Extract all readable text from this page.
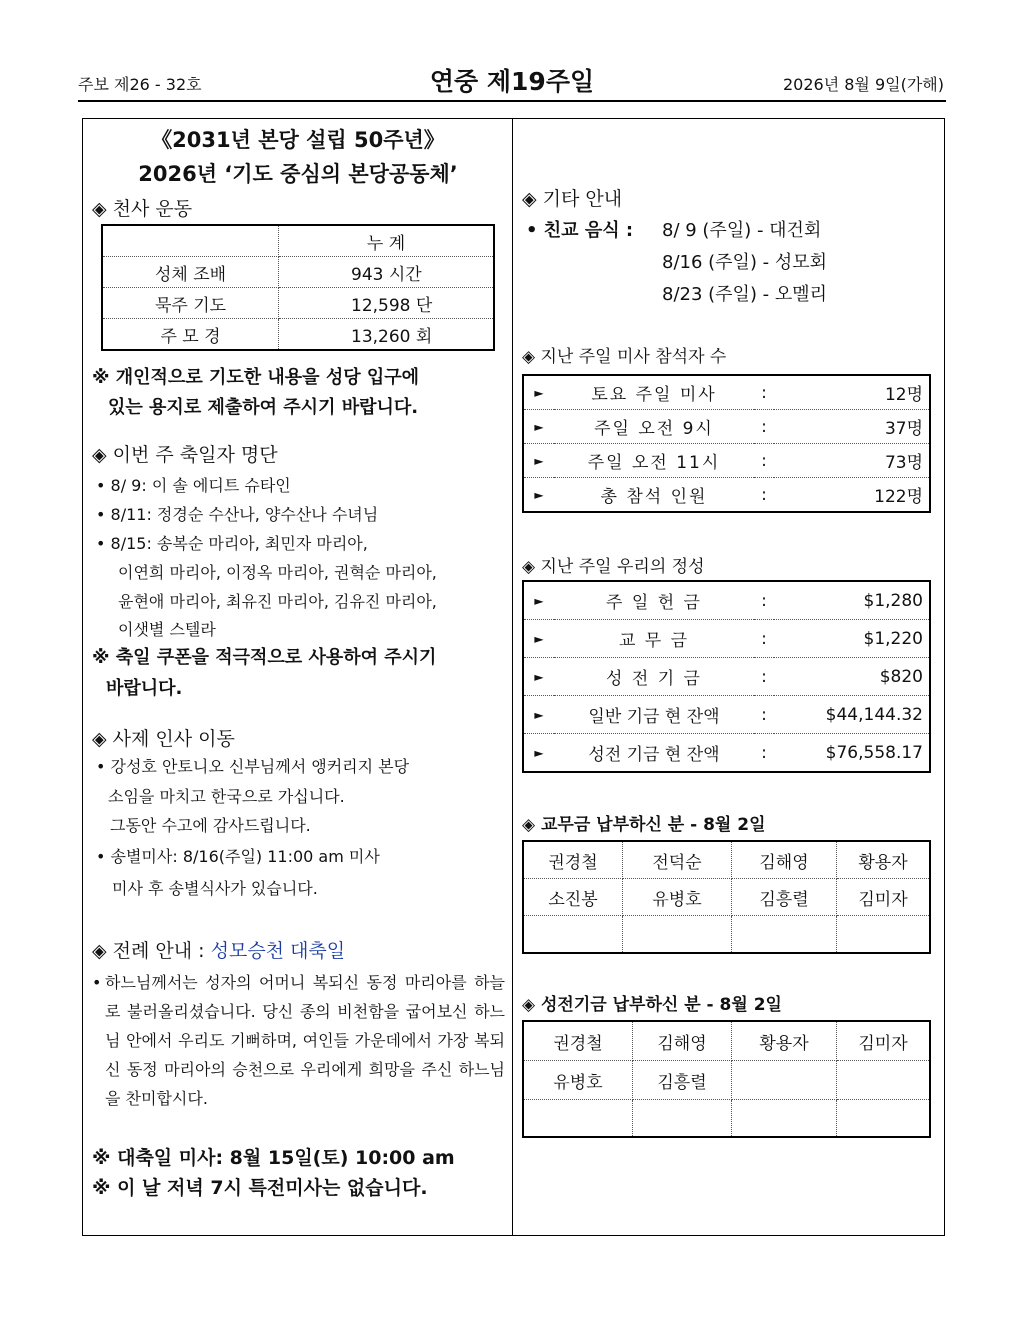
주보 제26 - 32호	연중 제19주일	2026년 8월 9일(가해)
《2031년 본당 설립 50주년》
2026년 ‘기도 중심의 본당공동체’
◈ 천사 운동
	누 계
성체 조배	943 시간
묵주 기도	12,598 단
주 모 경	13,260 회
※ 개인적으로 기도한 내용을 성당 입구에
있는 용지로 제출하여 주시기 바랍니다.
◈ 이번 주 축일자 명단
• 8/ 9: 이 솔 에디트 슈타인
• 8/11: 정경순 수산나, 양수산나 수녀님
• 8/15: 송복순 마리아, 최민자 마리아,
이연희 마리아, 이정옥 마리아, 권혁순 마리아,
윤현애 마리아, 최유진 마리아, 김유진 마리아,
이샛별 스텔라
※ 축일 쿠폰을 적극적으로 사용하여 주시기
바랍니다.
◈ 사제 인사 이동
• 강성호 안토니오 신부님께서 앵커리지 본당
소임을 마치고 한국으로 가십니다.
그동안 수고에 감사드립니다.
• 송별미사: 8/16(주일) 11:00 am 미사
미사 후 송별식사가 있습니다.
◈ 전례 안내 : 성모승천 대축일
• 하느님께서는 성자의 어머니 복되신 동정 마리아를 하늘로 불러올리셨습니다. 당신 종의 비천함을 굽어보신 하느님 안에서 우리도 기뻐하며, 여인들 가운데에서 가장 복되신 동정 마리아의 승천으로 우리에게 희망을 주신 하느님을 찬미합시다.
※ 대축일 미사: 8월 15일(토) 10:00 am
※ 이 날 저녁 7시 특전미사는 없습니다.
◈ 기타 안내
• 친교 음식 : 8/ 9 (주일) - 대건회
8/16 (주일) - 성모회
8/23 (주일) - 오멜리
◈ 지난 주일 미사 참석자 수
►	토요 주일 미사	:	12명
►	주일 오전 9시	:	37명
►	주일 오전 11시	:	73명
►	총 참석 인원	:	122명
◈ 지난 주일 우리의 정성
►	주 일 헌 금	:	$1,280
►	교 무 금	:	$1,220
►	성 전 기 금	:	$820
►	일반 기금 현 잔액	:	$44,144.32
►	성전 기금 현 잔액	:	$76,558.17
◈ 교무금 납부하신 분 - 8월 2일
권경철	전덕순	김해영	황용자
소진봉	유병호	김흥렬	김미자

◈ 성전기금 납부하신 분 - 8월 2일
권경철	김해영	황용자	김미자
유병호	김흥렬		
